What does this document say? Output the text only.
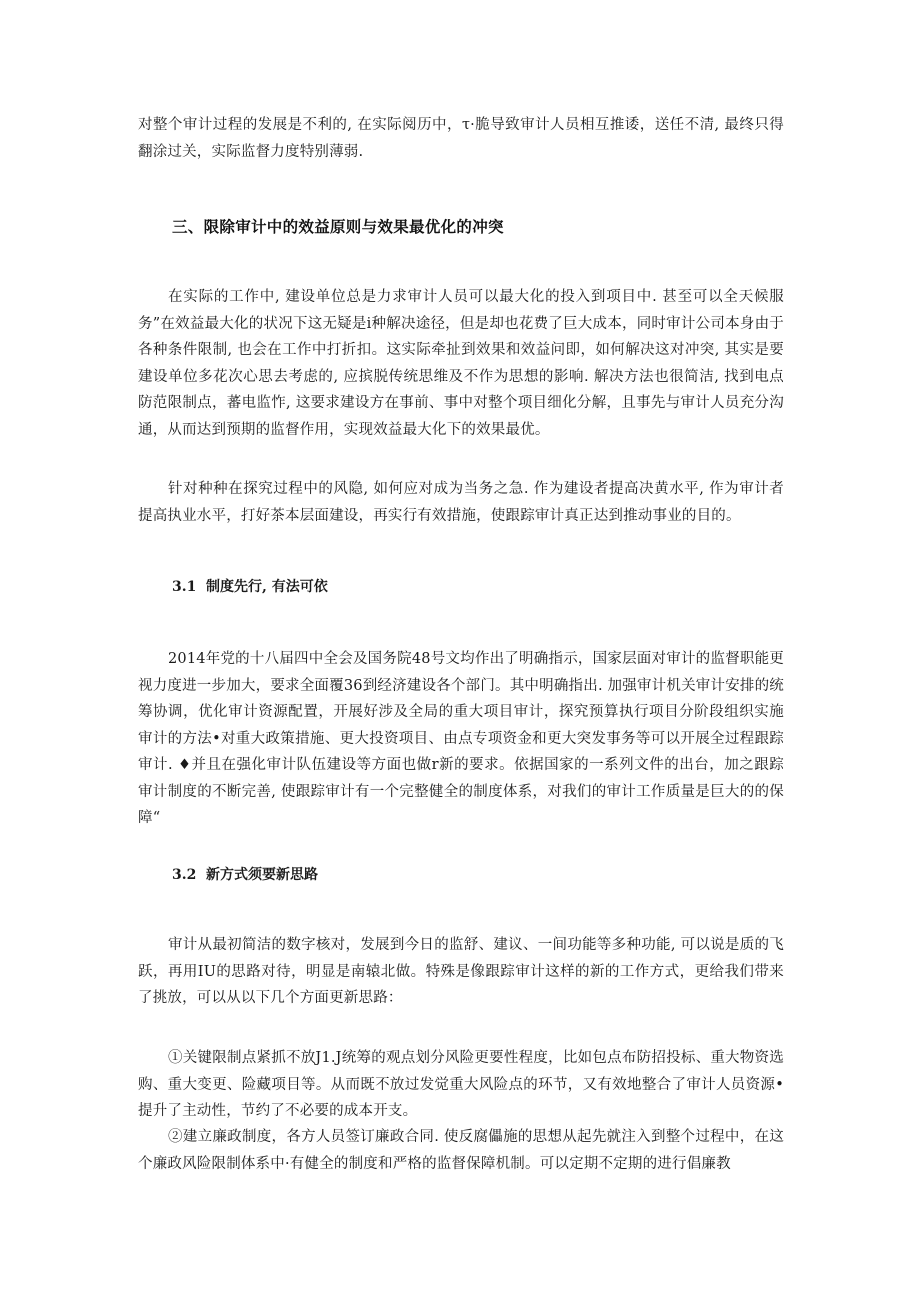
对整个审计过程的发展是不利的, 在实际阅历中，τ·脆导致审计人员相互推诿，送任不清, 最终只得翻涂过关，实际监督力度特别薄弱.

三、限除审计中的效益原则与效果最优化的冲突

在实际的工作中, 建设单位总是力求审计人员可以最大化的投入到项目中. 甚至可以全天候服务”在效益最大化的状况下这无疑是i种解决途径，但是却也花费了巨大成本，同时审计公司本身由于各种条件限制, 也会在工作中打折扣。这实际牵扯到效果和效益问即，如何解决这对冲突, 其实是要建设单位多花次心思去考虑的, 应摈脱传统思维及不作为思想的影响. 解决方法也很简洁, 找到电点防范限制点，蕃电监怍, 这要求建设方在事前、事中对整个项目细化分解，且事先与审计人员充分沟通，从而达到预期的监督作用，实现效益最大化下的效果最优。

针对种种在探究过程中的风隐, 如何应对成为当务之急. 作为建设者提高决黄水平, 作为审计者提高执业水平，打好茶本层面建设，再实行有效措施，使跟踪审计真正达到推动事业的目的。

3.1 制度先行, 有法可依

2014年党的十八届四中全会及国务院48号文均作出了明确指示，国家层面对审计的监督职能更视力度进一步加大，要求全面覆36到经济建设各个部门。其中明确指出. 加强审计机关审计安排的统筹协调，优化审计资源配置，开展好涉及全局的重大项目审计，探究预算执行项目分阶段组织实施审计的方法•对重大政策措施、更大投资项目、由点专项资金和更大突发事务等可以开展全过程跟踪审计. ♦并且在强化审计队伍建设等方面也做r新的要求。依据国家的一系列文件的出台，加之跟踪审计制度的不断完善, 使跟踪审计有一个完整健全的制度体系，对我们的审计工作质量是巨大的的保障“

3.2 新方式须要新思路

审计从最初简洁的数字核对，发展到今日的监舒、建议、一间功能等多种功能, 可以说是质的飞跃，再用IU的思路对待，明显是南辕北做。特殊是像跟踪审计这样的新的工作方式，更给我们带来了挑放，可以从以下几个方面更新思路：

①关键限制点紧抓不放J1.J统筹的观点划分风险更要性程度，比如包点布防招投标、重大物资选购、重大变更、险藏项目等。从而既不放过发觉重大风险点的环节，又有效地整合了审计人员资源•提升了主动性，节约了不必要的成本开支。

②建立廉政制度，各方人员签订廉政合同. 使反腐儡施的思想从起先就注入到整个过程中，在这个廉政风险限制体系中·有健全的制度和严格的监督保障机制。可以定期不定期的进行倡廉教
